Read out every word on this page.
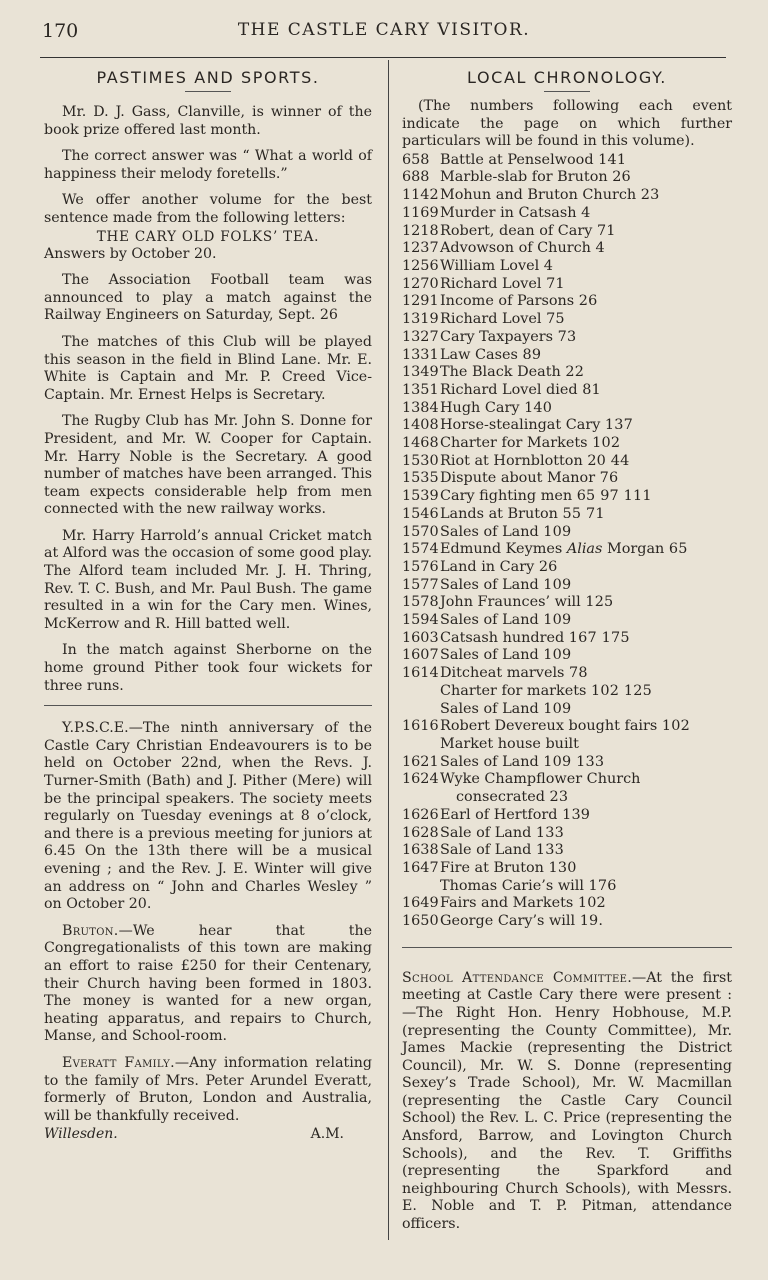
170	THE CASTLE CARY VISITOR.
PASTIMES AND SPORTS.

Mr. D. J. Gass, Clanville, is winner of the book prize offered last month.

The correct answer was “ What a world of happiness their melody foretells.”

We offer another volume for the best sentence made from the following letters:

THE CARY OLD FOLKS’ TEA.

Answers by October 20.

The Association Football team was announced to play a match against the Railway Engineers on Saturday, Sept. 26

The matches of this Club will be played this season in the field in Blind Lane. Mr. E. White is Captain and Mr. P. Creed Vice-Captain. Mr. Ernest Helps is Secretary.

The Rugby Club has Mr. John S. Donne for President, and Mr. W. Cooper for Captain. Mr. Harry Noble is the Secretary. A good number of matches have been arranged. This team expects considerable help from men connected with the new railway works.

Mr. Harry Harrold’s annual Cricket match at Alford was the occasion of some good play. The Alford team included Mr. J. H. Thring, Rev. T. C. Bush, and Mr. Paul Bush. The game resulted in a win for the Cary men. Wines, McKerrow and R. Hill batted well.

In the match against Sherborne on the home ground Pither took four wickets for three runs.

Y.P.S.C.E.—The ninth anniversary of the Castle Cary Christian Endeavourers is to be held on October 22nd, when the Revs. J. Turner-Smith (Bath) and J. Pither (Mere) will be the principal speakers. The society meets regularly on Tuesday evenings at 8 o’clock, and there is a previous meeting for juniors at 6.45 On the 13th there will be a musical evening ; and the Rev. J. E. Winter will give an address on “ John and Charles Wesley ” on October 20.

Bruton.—We hear that the Congregationalists of this town are making an effort to raise £250 for their Centenary, their Church having been formed in 1803. The money is wanted for a new organ, heating apparatus, and repairs to Church, Manse, and School-room.

Everatt Family.—Any information relating to the family of Mrs. Peter Arundel Everatt, formerly of Bruton, London and Australia, will be thankfully received.

Willesden.	A.M.
LOCAL CHRONOLOGY.

(The numbers following each event indicate the page on which further particulars will be found in this volume).

658	Battle at Penselwood 141
688	Marble-slab for Bruton 26
1142	Mohun and Bruton Church 23
1169	Murder in Catsash 4
1218	Robert, dean of Cary 71
1237	Advowson of Church 4
1256	William Lovel 4
1270	Richard Lovel 71
1291	Income of Parsons 26
1319	Richard Lovel 75
1327	Cary Taxpayers 73
1331	Law Cases 89
1349	The Black Death 22
1351	Richard Lovel died 81
1384	Hugh Cary 140
1408	Horse-stealingat Cary 137
1468	Charter for Markets 102
1530	Riot at Hornblotton 20 44
1535	Dispute about Manor 76
1539	Cary fighting men 65 97 111
1546	Lands at Bruton 55 71
1570	Sales of Land 109
1574	Edmund Keymes Alias Morgan 65
1576	Land in Cary 26
1577	Sales of Land 109
1578	John Fraunces’ will 125
1594	Sales of Land 109
1603	Catsash hundred 167 175
1607	Sales of Land 109
1614	Ditcheat marvels 78
	Charter for markets 102 125
	Sales of Land 109
1616	Robert Devereux bought fairs 102
	Market house built
1621	Sales of Land 109 133
1624	Wyke Champflower Church consecrated 23
1626	Earl of Hertford 139
1628	Sale of Land 133
1638	Sale of Land 133
1647	Fire at Bruton 130
	Thomas Carie’s will 176
1649	Fairs and Markets 102
1650	George Cary’s will 19.

School Attendance Committee.—At the first meeting at Castle Cary there were present :—The Right Hon. Henry Hobhouse, M.P. (representing the County Committee), Mr. James Mackie (representing the District Council), Mr. W. S. Donne (representing Sexey’s Trade School), Mr. W. Macmillan (representing the Castle Cary Council School) the Rev. L. C. Price (representing the Ansford, Barrow, and Lovington Church Schools), and the Rev. T. Griffiths (representing the Sparkford and neighbouring Church Schools), with Messrs. E. Noble and T. P. Pitman, attendance officers.
